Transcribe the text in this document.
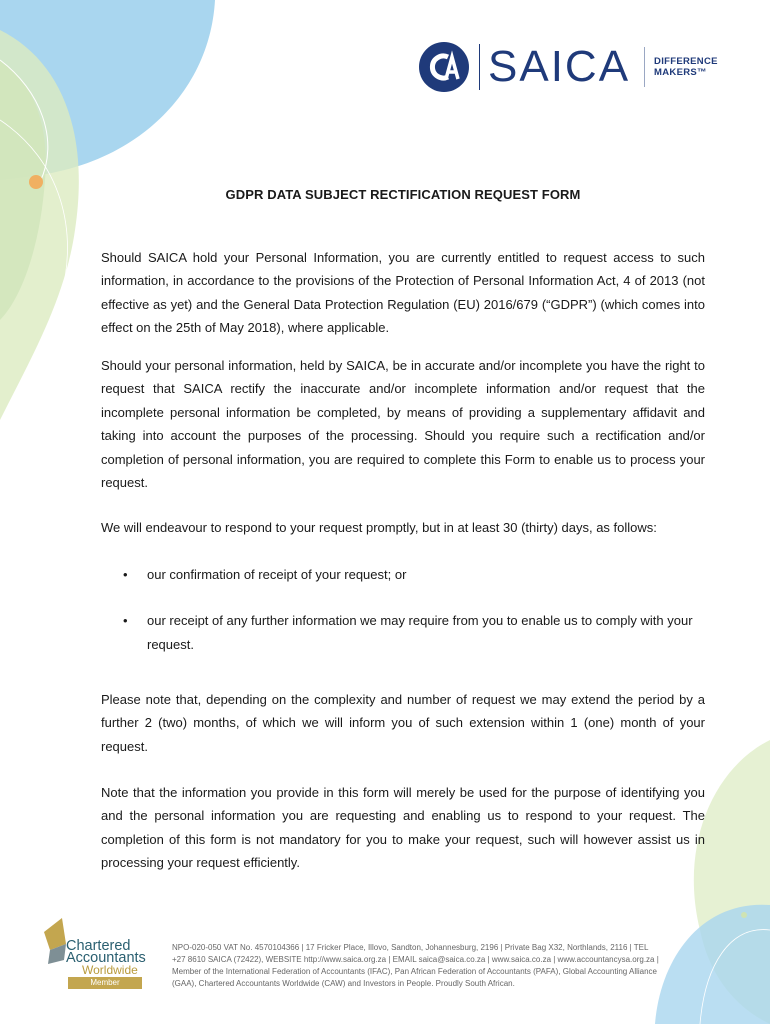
SAICA	DIFFERENCE
MAKERS™
GDPR DATA SUBJECT RECTIFICATION REQUEST FORM

Should SAICA hold your Personal Information, you are currently entitled to request access to such information, in accordance to the provisions of the Protection of Personal Information Act, 4 of 2013 (not effective as yet) and the General Data Protection Regulation (EU) 2016/679 (“GDPR”) (which comes into effect on the 25th of May 2018), where applicable.

Should your personal information, held by SAICA, be in accurate and/or incomplete you have the right to request that SAICA rectify the inaccurate and/or incomplete information and/or request that the incomplete personal information be completed, by means of providing a supplementary affidavit and taking into account the purposes of the processing. Should you require such a rectification and/or completion of personal information, you are required to complete this Form to enable us to process your request.

We will endeavour to respond to your request promptly, but in at least 30 (thirty) days, as follows:

• our confirmation of receipt of your request; or
• our receipt of any further information we may require from you to enable us to comply with your request.

Please note that, depending on the complexity and number of request we may extend the period by a further 2 (two) months, of which we will inform you of such extension within 1 (one) month of your request.

Note that the information you provide in this form will merely be used for the purpose of identifying you and the personal information you are requesting and enabling us to respond to your request. The completion of this form is not mandatory for you to make your request, such will however assist us in processing your request efficiently.

Chartered
Accountants
Worldwide
Member
NPO-020-050 VAT No. 4570104366 | 17 Fricker Place, Illovo, Sandton, Johannesburg, 2196 | Private Bag X32, Northlands, 2116 | TEL +27 8610 SAICA (72422), WEBSITE http://www.saica.org.za | EMAIL saica@saica.co.za | www.saica.co.za | www.accountancysa.org.za | Member of the International Federation of Accountants (IFAC), Pan African Federation of Accountants (PAFA), Global Accounting Alliance (GAA), Chartered Accountants Worldwide (CAW) and Investors in People. Proudly South African.
